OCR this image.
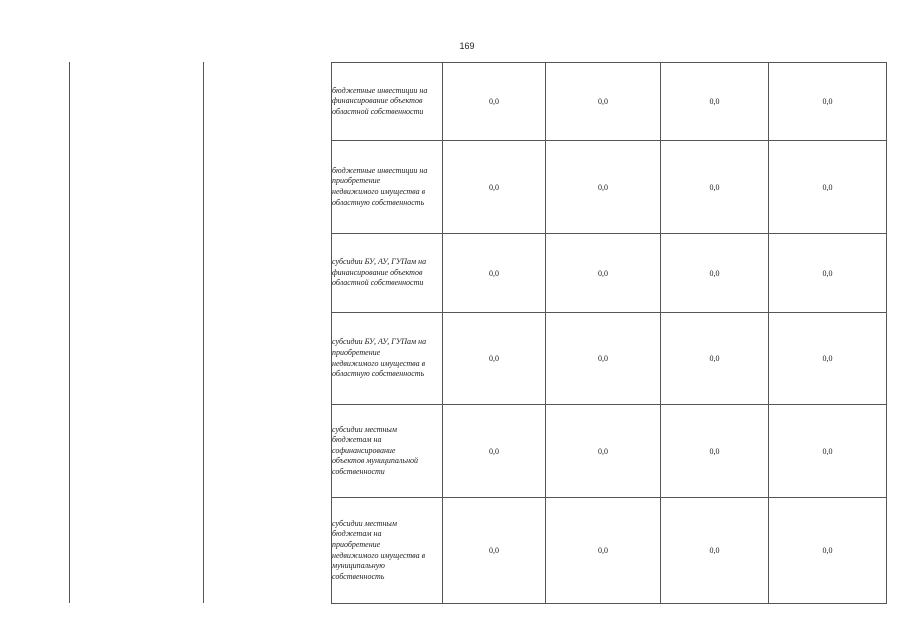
169
бюджетные инвестиции на финансирование объектов областной собственности	0,0	0,0	0,0	0,0

бюджетные инвестиции на приобретение недвижимого имущества в областную собственность	0,0	0,0	0,0	0,0

субсидии БУ, АУ, ГУПам на финансирование объектов областной собственности	0,0	0,0	0,0	0,0

субсидии БУ, АУ, ГУПам на приобретение недвижимого имущества в областную собственность	0,0	0,0	0,0	0,0

субсидии местным бюджетам на софинансирование объектов муниципальной собственности	0,0	0,0	0,0	0,0

субсидии местным бюджетам на приобретение недвижимого имущества в муниципальную собственность	0,0	0,0	0,0	0,0
